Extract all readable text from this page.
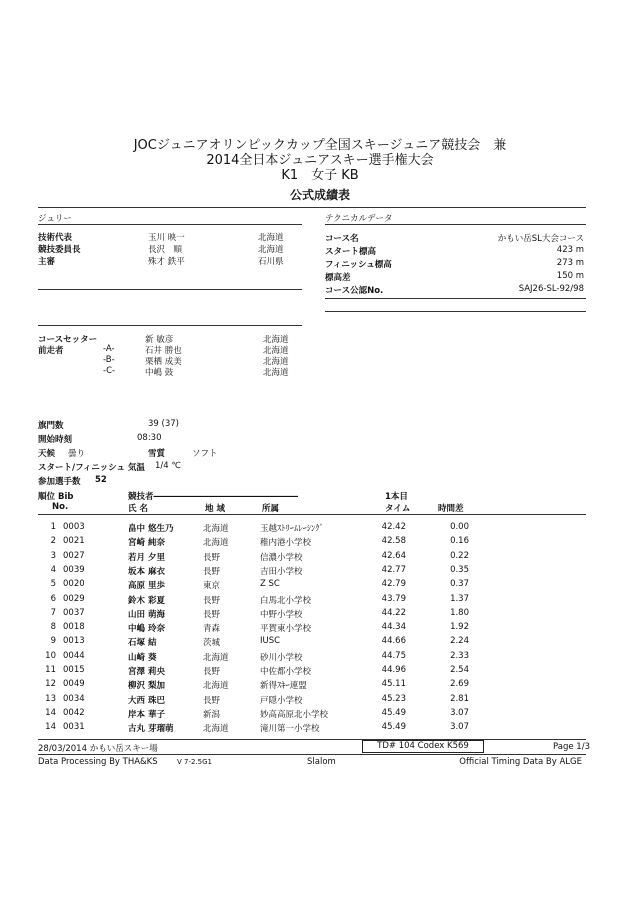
JOCジュニアオリンピックカップ全国スキージュニア競技会　兼
2014全日本ジュニアスキー選手権大会
K1　女子 KB
公式成績表
ジュリー
技術代表	玉川 映一	北海道
競技委員長	長沢　順	北海道
主審	殊才 鉄平	石川県
テクニカルデータ
コース名	かもい岳SL大会コース
スタート標高	423 m
フィニッシュ標高	273 m
標高差	150 m
コース公認No.	SAJ26-SL-92/98
コースセッター	新 敏彦	北海道
前走者	-A-	石井 勝也	北海道
-B-	栗栖 成美	北海道
-C-	中嶋 鼓	北海道
旗門数	39 (37)
開始時刻	08:30
天候 曇り	雪質	ソフト
スタート/フィニッシュ 気温 1/4 ℃
参加選手数 52
順位 Bib
No.
競技者―――――――――――――――――
氏 名	地 域	所属
1本目
タイム	時間差
1 0003	畠中 悠生乃	北海道	玉越ｽﾄﾘｰﾑﾚｰｼﾝｸﾞ	42.42	0.00
2 0021	宮崎 純奈	北海道	稚内港小学校	42.58	0.16
3 0027	若月 夕里	長野	信濃小学校	42.64	0.22
4 0039	坂本 麻衣	長野	吉田小学校	42.77	0.35
5 0020	高原 里歩	東京	Z SC	42.79	0.37
6 0029	鈴木 彩夏	長野	白馬北小学校	43.79	1.37
7 0037	山田 萌海	長野	中野小学校	44.22	1.80
8 0018	中嶋 玲奈	青森	平賀東小学校	44.34	1.92
9 0013	石塚 結	茨城	IUSC	44.66	2.24
10 0044	山崎 葵	北海道	砂川小学校	44.75	2.33
11 0015	宮澤 莉央	長野	中佐都小学校	44.96	2.54
12 0049	柳沢 梨加	北海道	新得ｽｷｰ連盟	45.11	2.69
13 0034	大西 珠巴	長野	戸隠小学校	45.23	2.81
14 0042	岸本 華子	新潟	妙高高原北小学校	45.49	3.07
14 0031	古丸 芽瑠萌	北海道	滝川第一小学校	45.49	3.07
28/03/2014 かもい岳スキー場	TD# 104 Codex K569	Page 1/3
Data Processing By THA&KS	V 7-2.5G1	Slalom	Official Timing Data By ALGE
